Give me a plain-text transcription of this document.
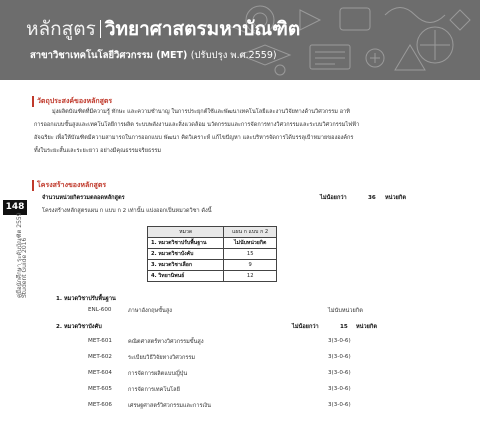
หลักสูตร วิทยาศาสตรมหาบัณฑิต
สาขาวิชาเทคโนโลยีวิศวกรรม (MET) (ปรับปรุง พ.ศ.2559)
148
คู่มือนักศึกษา ระดับบัณฑิต 2559
Student Guide 2016
วัตถุประสงค์ของหลักสูตร
มุ่งผลิตบัณฑิตที่มีความรู้ ทักษะ และความชำนาญ ในการประยุกต์ใช้และพัฒนาเทคโนโลยีและงานวิจัยทางด้านวิศวกรรม อาทิ
การออกแบบขั้นสูงและเทคโนโลยีการผลิต ระบบพลังงานและสิ่งแวดล้อม นวัตกรรมและการจัดการทางวิศวกรรมและระบบวิศวกรรมไฟฟ้า
อัจฉริยะ เพื่อให้บัณฑิตมีความสามารถในการออกแบบ พัฒนา คิดวิเคราะห์ แก้ไขปัญหา และบริหารจัดการได้บรรลุเป้าหมายขององค์กร
ทั้งในระยะสั้นและระยะยาว อย่างมีคุณธรรมจริยธรรม
โครงสร้างของหลักสูตร
จำนวนหน่วยกิตรวมตลอดหลักสูตร	ไม่น้อยกว่า	36 หน่วยกิต
โครงสร้างหลักสูตรแผน ก แบบ ก 2 เท่านั้น แบ่งออกเป็นหมวดวิชา ดังนี้
หมวด	แผน ก แบบ ก 2
1. หมวดวิชาปรับพื้นฐาน	ไม่นับหน่วยกิต
2. หมวดวิชาบังคับ	15
3. หมวดวิชาเลือก	9
4. วิทยานิพนธ์	12
1. หมวดวิชาปรับพื้นฐาน
ENL-600	ภาษาอังกฤษขั้นสูง	ไม่นับหน่วยกิต
2. หมวดวิชาบังคับ	ไม่น้อยกว่า	15 หน่วยกิต
MET-601	คณิตศาสตร์ทางวิศวกรรมขั้นสูง	3(3-0-6)
MET-602	ระเบียบวิธีวิจัยทางวิศวกรรม	3(3-0-6)
MET-604	การจัดการผลิตแบบญี่ปุ่น	3(3-0-6)
MET-605	การจัดการเทคโนโลยี	3(3-0-6)
MET-606	เศรษฐศาสตร์วิศวกรรมและการเงิน	3(3-0-6)
